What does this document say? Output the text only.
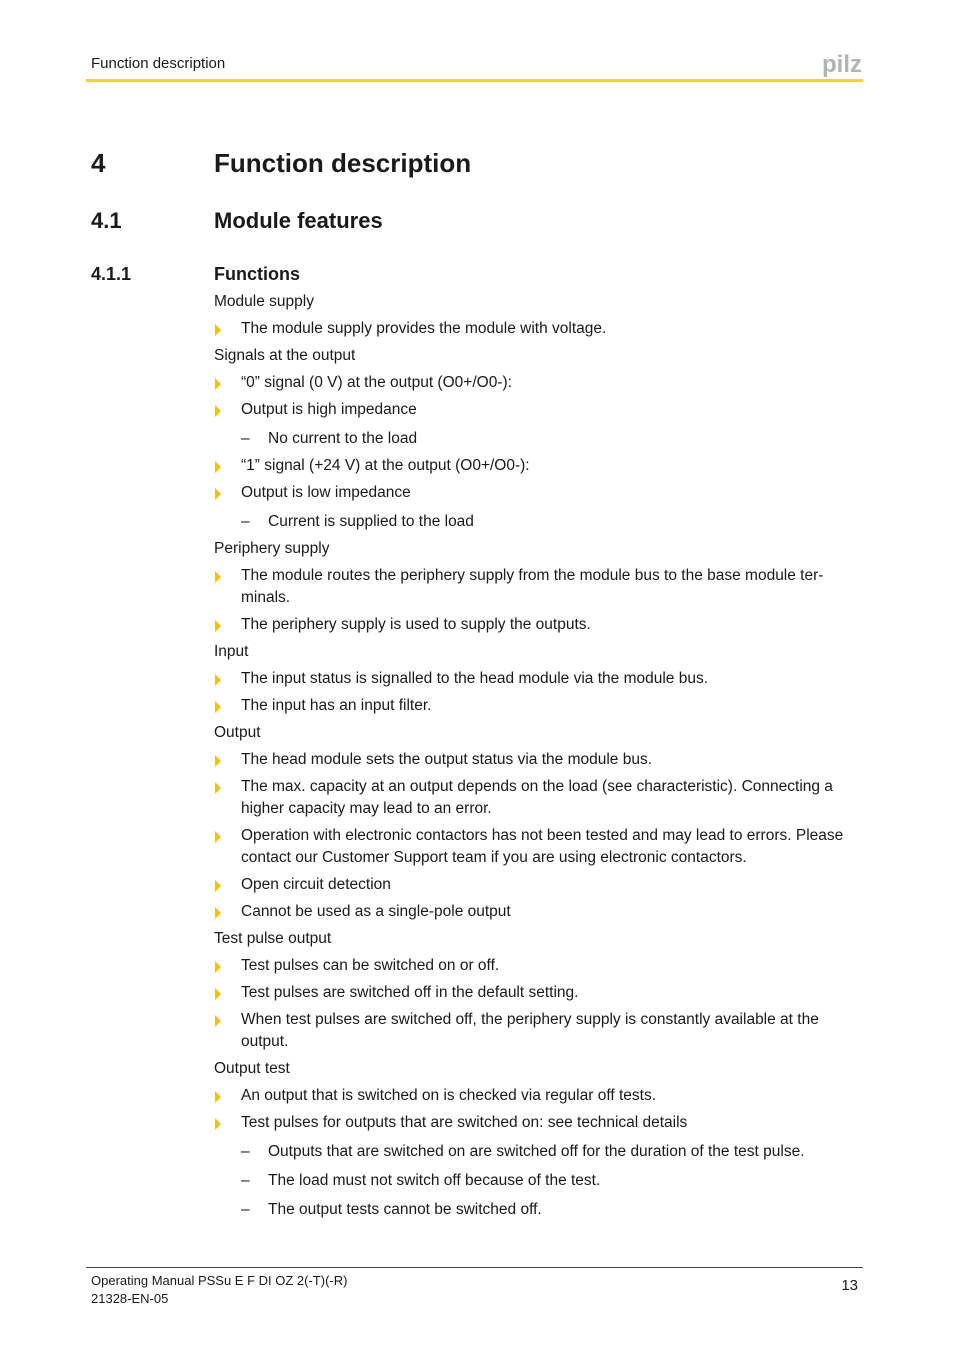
Function description	pilz
4	Function description
4.1	Module features
4.1.1	Functions
Module supply
The module supply provides the module with voltage.
Signals at the output
“0” signal (0 V) at the output (O0+/O0-):
Output is high impedance
– No current to the load
“1” signal (+24 V) at the output (O0+/O0-):
Output is low impedance
– Current is supplied to the load
Periphery supply
The module routes the periphery supply from the module bus to the base module ter- minals.
The periphery supply is used to supply the outputs.
Input
The input status is signalled to the head module via the module bus.
The input has an input filter.
Output
The head module sets the output status via the module bus.
The max. capacity at an output depends on the load (see characteristic). Connecting a higher capacity may lead to an error.
Operation with electronic contactors has not been tested and may lead to errors. Please contact our Customer Support team if you are using electronic contactors.
Open circuit detection
Cannot be used as a single-pole output
Test pulse output
Test pulses can be switched on or off.
Test pulses are switched off in the default setting.
When test pulses are switched off, the periphery supply is constantly available at the output.
Output test
An output that is switched on is checked via regular off tests.
Test pulses for outputs that are switched on: see technical details
– Outputs that are switched on are switched off for the duration of the test pulse.
– The load must not switch off because of the test.
– The output tests cannot be switched off.
Operating Manual PSSu E F DI OZ 2(-T)(-R)
21328-EN-05
13
